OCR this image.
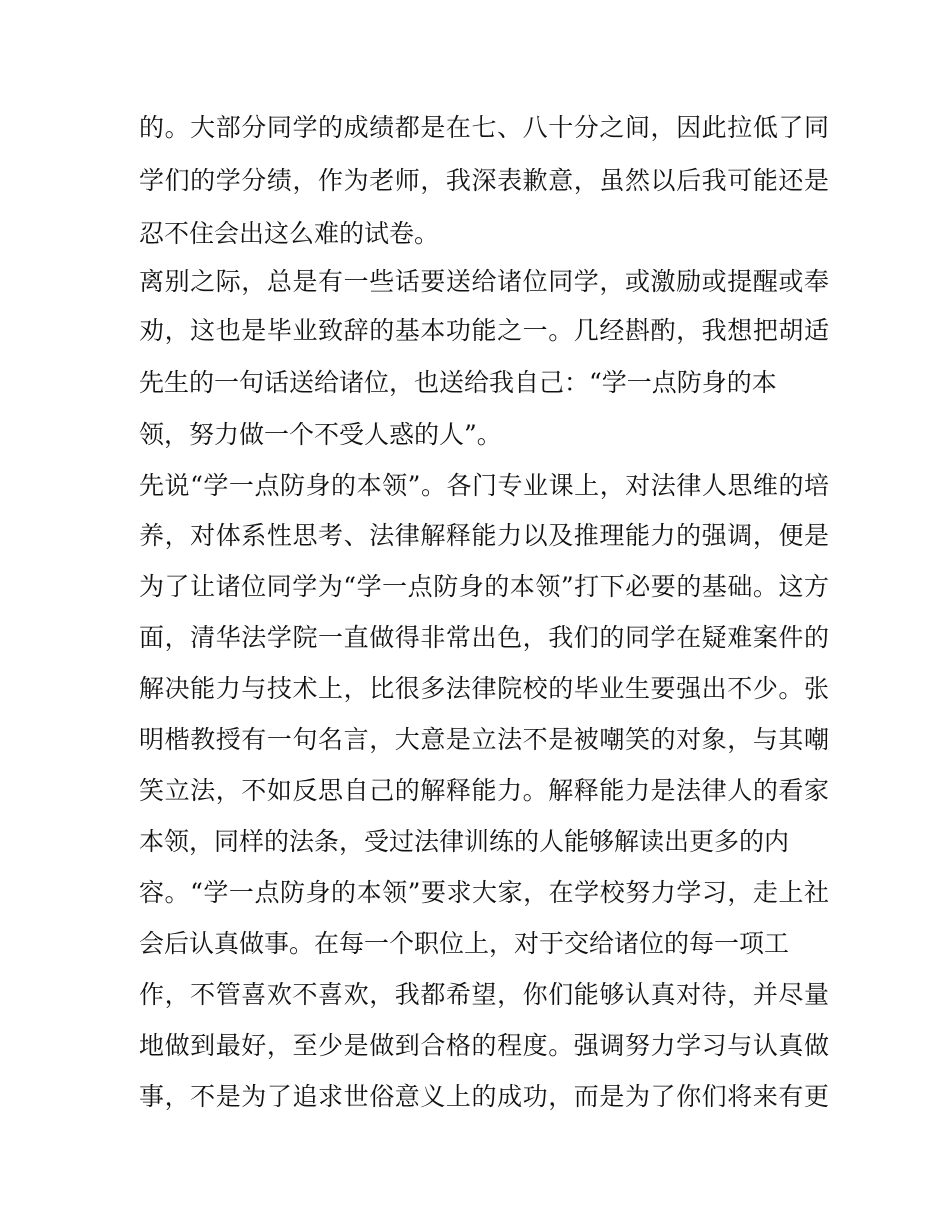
的。大部分同学的成绩都是在七、八十分之间，因此拉低了同
学们的学分绩，作为老师，我深表歉意，虽然以后我可能还是
忍不住会出这么难的试卷。
离别之际，总是有一些话要送给诸位同学，或激励或提醒或奉
劝，这也是毕业致辞的基本功能之一。几经斟酌，我想把胡适
先生的一句话送给诸位，也送给我自己：“学一点防身的本
领，努力做一个不受人惑的人”。
先说“学一点防身的本领”。各门专业课上，对法律人思维的培
养，对体系性思考、法律解释能力以及推理能力的强调，便是
为了让诸位同学为“学一点防身的本领”打下必要的基础。这方
面，清华法学院一直做得非常出色，我们的同学在疑难案件的
解决能力与技术上，比很多法律院校的毕业生要强出不少。张
明楷教授有一句名言，大意是立法不是被嘲笑的对象，与其嘲
笑立法，不如反思自己的解释能力。解释能力是法律人的看家
本领，同样的法条，受过法律训练的人能够解读出更多的内
容。“学一点防身的本领”要求大家，在学校努力学习，走上社
会后认真做事。在每一个职位上，对于交给诸位的每一项工
作，不管喜欢不喜欢，我都希望，你们能够认真对待，并尽量
地做到最好，至少是做到合格的程度。强调努力学习与认真做
事，不是为了追求世俗意义上的成功，而是为了你们将来有更
